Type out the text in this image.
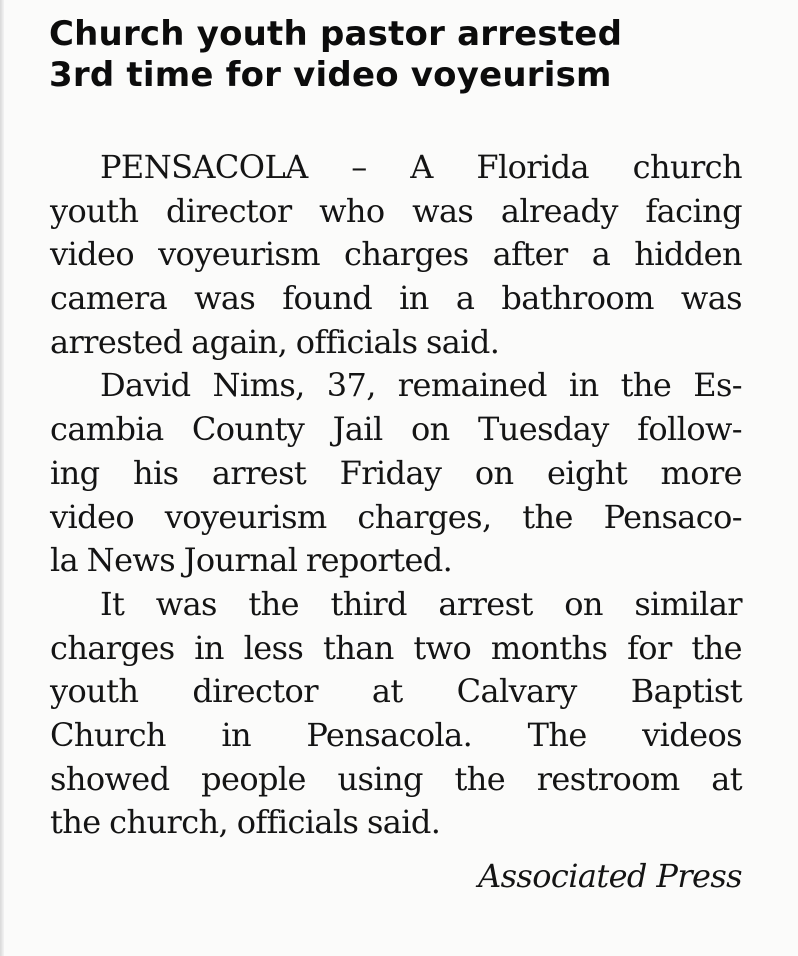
Church youth pastor arrested
3rd time for video voyeurism
PENSACOLA – A Florida church
youth director who was already facing
video voyeurism charges after a hidden
camera was found in a bathroom was
arrested again, officials said.
David Nims, 37, remained in the Es-
cambia County Jail on Tuesday follow-
ing his arrest Friday on eight more
video voyeurism charges, the Pensaco-
la News Journal reported.
It was the third arrest on similar
charges in less than two months for the
youth director at Calvary Baptist
Church in Pensacola. The videos
showed people using the restroom at
the church, officials said.
Associated Press
